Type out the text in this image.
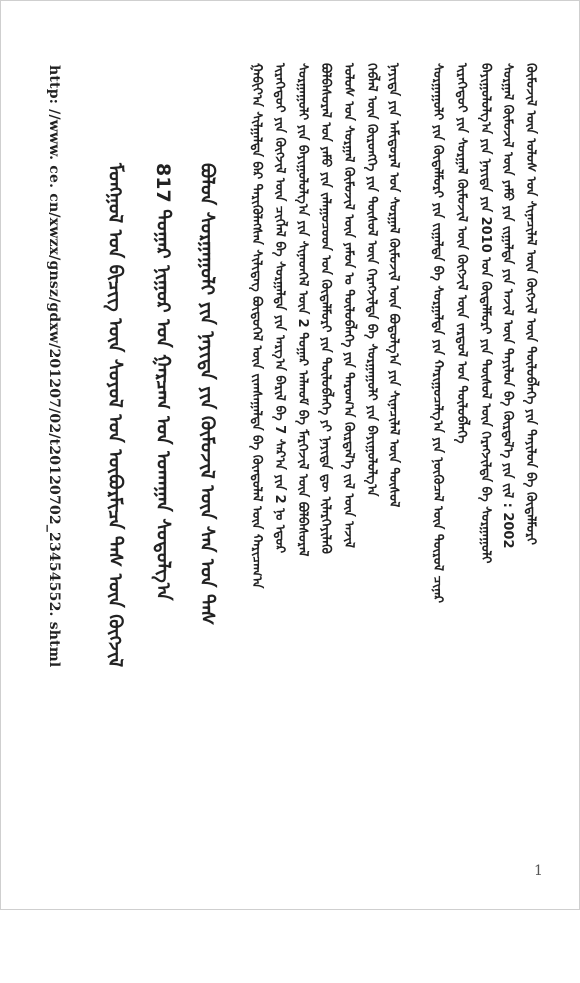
http: //www. ce. cn/xwzx/gnsz/gdxw/201207/02/t20120702_23454552. shtml ᠮᠣᠩᠭᠣᠯ ᠤᠨ ᠪᠢᠴᠢᠭ ᠦᠨ ᠰᠣᠶᠣᠯ ᠤᠨ ᠥᠪᠦᠷᠮᠢᠴᠡ ᠲᠡᠰ ᠦᠨ ᠬᠥᠭᠵᠢᠯ 817 ᠳᠤᠭᠠᠷ ᠨᠢᠭᠤᠷ ᠤᠨ ᠭᠠᠷᠴᠠᠭ ᠤᠨ ᠤᠬᠠᠭᠠᠨ ᠰᠤᠳᠤᠯᠭ᠎ᠠ ᠪᠣᠯᠤᠨ ᠰᠤᠷᠭᠠᠭᠤᠯᠢ ᠶᠢᠨ ᠨᠡᠶᠢᠲᠡ ᠶᠢᠨ ᠬᠥᠮᠦᠵᠢᠯ ᠦᠨ ᠰᠠᠨ ᠤᠨ ᠲᠡᠰ ᠭᠠᠪᠢᠶ᠎ᠠ ᠰᠢᠯᠭᠠᠯᠲᠠ ᠪᠠᠷ ᠲᠡᠷᠢᠭᠦᠯᠡᠭᠰᠡᠨ ᠰᠢᠯᠢᠳᠡᠭ ᠪᠦᠲᠦᠭᠡᠯ ᠦᠨ ᠵᠢᠭᠰᠠᠭᠠᠯᠲᠠ ᠪᠠ ᠬᠦᠨᠳᠦᠯᠡᠯ ᠦᠨ ᠬᠠᠷᠢᠴᠠᠭ᠎ᠠ ᠢᠷᠡᠭᠡᠳᠦᠢ ᠶᠢᠨ ᠬᠥᠭᠵᠢᠯ ᠦᠨ ᠴᠢᠭᠯᠡᠯ ᠪᠠ ᠰᠤᠷᠭᠠᠯᠲᠠ ᠶᠢᠨ ᠠᠷᠭ᠎ᠠ ᠪᠠᠷᠢᠯ ᠪᠠ 7 ᠰᠠᠷ᠎ᠠ ᠶᠢᠨ 2 ᠨᠤ ᠡᠳᠦᠷ ᠰᠤᠷᠭᠠᠭᠤᠯᠢ ᠶᠢᠨ ᠪᠠᠶᠢᠭᠤᠯᠤᠯᠭ᠎ᠠ ᠶᠢᠨ ᠰᠢᠨᠡᠳᠬᠡᠯ ᠦᠨ 2 ᠳᠤᠭᠠᠷ ᠠᠯᠬᠤᠮ ᠪᠠ ᠮᠡᠷᠭᠡᠵᠢᠯ ᠦᠨ ᠪᠣᠯᠪᠠᠰᠤᠷᠠᠯ ᠪᠣᠯᠪᠠᠰᠤᠷᠠᠯ ᠤᠨ ᠶᠠᠮᠤ ᠶᠢᠨ ᠵᠠᠯᠠᠭᠤᠴᠤᠳ ᠤᠨ ᠬᠥᠳᠡᠯᠮᠦᠷᠢ ᠶᠢᠨ ᠲᠥᠯᠥᠪᠯᠡᠭᠡ ᠶᠢ ᠨᠡᠶᠢᠲᠡ ᠳᠦ ᠢᠯᠡᠷᠬᠡᠶᠢᠯᠡᠬᠦ ᠤᠯᠤᠰ ᠤᠨ ᠰᠤᠷᠭᠠᠯ ᠬᠦᠮᠦᠵᠢᠯ ᠦᠨ ᠶᠠᠮᠤᠨ ᠤ ᠲᠥᠯᠥᠪᠯᠡᠭᠡ ᠶᠢᠨ ᠳᠠᠷᠤᠭ᠎ᠠ ᠬᠦᠷᠲᠡᠯ᠎ᠡ ᠵᠢᠯ ᠦᠨ ᠠᠵᠢᠯ ᠬᠡᠪᠯᠡᠯ ᠦᠨ ᠬᠥᠷᠥᠩᠭᠡ ᠶᠢᠨ ᠲᠥᠰᠥᠯ ᠦᠨ ᠬᠡᠷᠡᠭᠵᠢᠯᠲᠡ ᠪᠠ ᠰᠤᠷᠭᠠᠭᠤᠯᠢ ᠶᠢᠨ ᠪᠠᠶᠢᠭᠤᠯᠤᠯᠭ᠎ᠠ ᠨᠡᠶᠢᠲᠡ ᠶᠢᠨ ᠠᠮᠢᠳᠤᠷᠠᠯ ᠤᠨ ᠰᠤᠷᠭᠠᠯ ᠬᠦᠮᠦᠵᠢᠯ ᠦᠨ ᠪᠣᠳᠤᠯᠭ᠎ᠠ ᠶᠢᠨ ᠰᠢᠨᠡᠴᠢᠯᠡᠯ ᠦᠨ ᠲᠥᠰᠥᠯ ᠰᠤᠷᠭᠠᠭᠤᠯᠢ ᠶᠢᠨ ᠬᠥᠳᠡᠯᠮᠦᠷᠢ ᠶᠢᠨ ᠵᠢᠭᠠᠯᠲᠠ ᠪᠠ ᠰᠤᠷᠭᠠᠯᠲᠠ ᠶᠢᠨ ᠬᠠᠷᠢᠭᠤᠴᠠᠯᠭ᠎ᠠ ᠶᠢᠨ ᠨᠥᠬᠥᠴᠡᠯ ᠦᠨ ᠲᠥᠷᠥᠯ ᠴᠢᠨᠠᠷ ᠢᠷᠡᠭᠡᠳᠦᠢ ᠶᠢᠨ ᠰᠤᠷᠭᠠᠯ ᠬᠦᠮᠦᠵᠢᠯ ᠦᠨ ᠬᠥᠭᠵᠢᠯ ᠦᠨ ᠵᠠᠷᠳᠤᠯ ᠤᠨ ᠲᠥᠯᠥᠪᠯᠡᠭᠡ ᠪᠠᠶᠢᠭᠤᠯᠤᠯᠭ᠎ᠠ ᠶᠢᠨ ᠨᠡᠶᠢᠲᠡ ᠶᠢᠨ 2010 ᠤᠨ ᠬᠥᠳᠡᠯᠮᠦᠷᠢ ᠶᠢᠨ ᠲᠥᠰᠥᠯ ᠦᠨ ᠬᠡᠷᠡᠭᠵᠢᠯᠲᠡ ᠪᠠ ᠰᠤᠷᠭᠠᠭᠤᠯᠢ ᠰᠤᠷᠭᠠᠯ ᠬᠦᠮᠦᠵᠢᠯ ᠦᠨ ᠶᠠᠮᠤ ᠶᠢᠨ ᠵᠢᠭᠠᠯᠲᠠ ᠶᠢᠨ ᠠᠵᠢᠯ ᠦᠨ ᠲᠠᠶᠢᠯᠤᠨ ᠪᠠ ᠬᠦᠷᠲᠡᠯ᠎ᠡ ᠶᠢᠨ ᠵᠢᠯ : 2002 ᠬᠦᠮᠦᠵᠢᠯ ᠦᠨ ᠤᠯᠤᠰ ᠤᠨ ᠰᠢᠨᠡᠴᠢᠯᠡᠯ ᠦᠨ ᠬᠥᠭᠵᠢᠯ ᠦᠨ ᠲᠥᠯᠥᠪᠯᠡᠭᠡ ᠶᠢᠨ ᠲᠠᠶᠢᠯᠤᠨ ᠪᠠ ᠬᠥᠳᠡᠯᠮᠦᠷᠢ
1
